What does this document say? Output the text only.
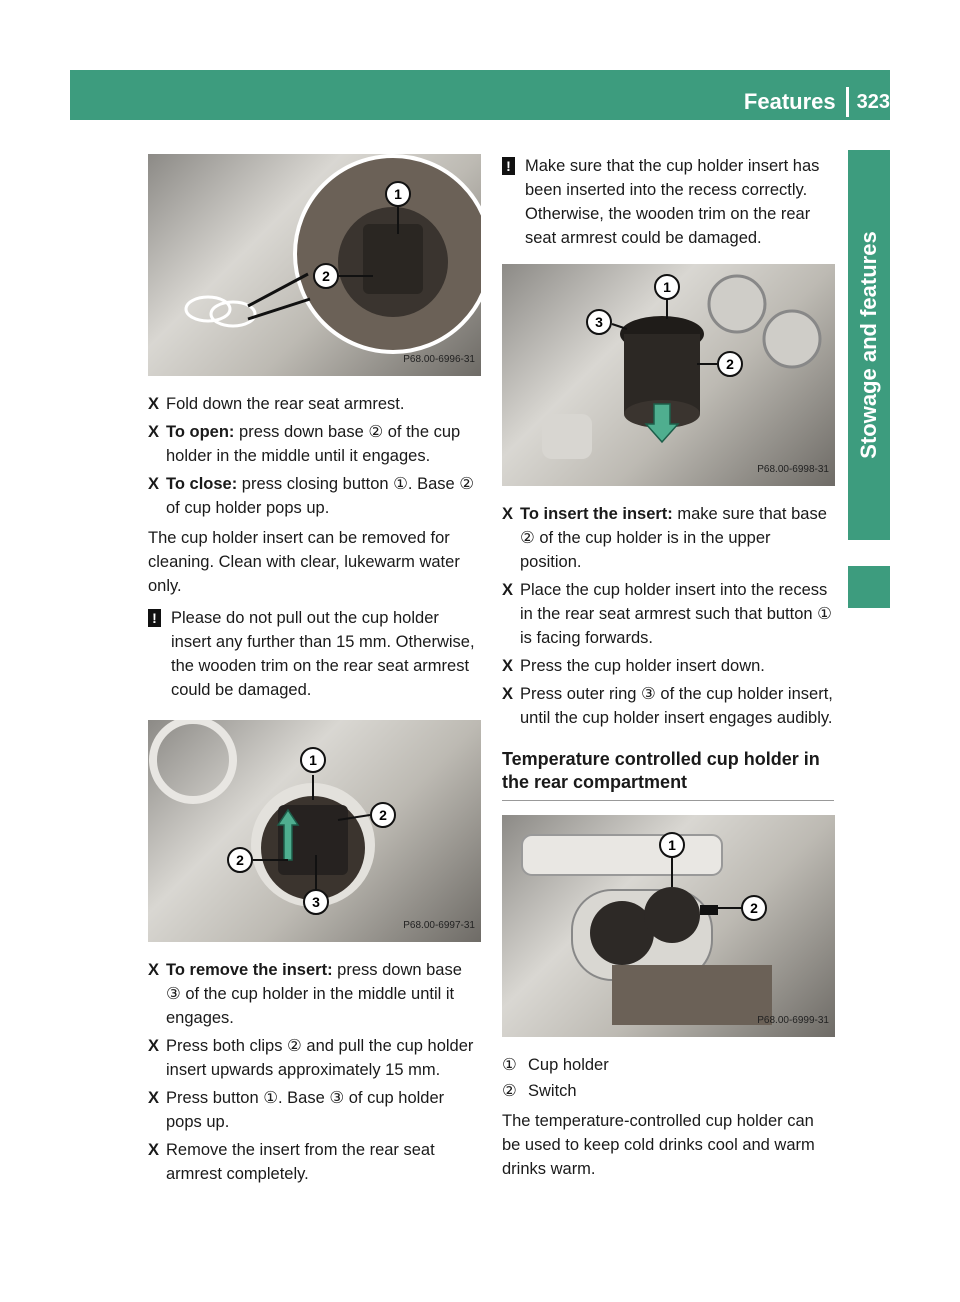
Features 323
Stowage and features
1
2
P68.00-6996-31
X Fold down the rear seat armrest.
X To open: press down base ② of the cup holder in the middle until it engages.
X To close: press closing button ①. Base ② of cup holder pops up.
The cup holder insert can be removed for cleaning. Clean with clear, lukewarm water only.
! Please do not pull out the cup holder insert any further than 15 mm. Otherwise, the wooden trim on the rear seat armrest could be damaged.
1
2
2
3
P68.00-6997-31
X To remove the insert: press down base ③ of the cup holder in the middle until it engages.
X Press both clips ② and pull the cup holder insert upwards approximately 15 mm.
X Press button ①. Base ③ of cup holder pops up.
X Remove the insert from the rear seat armrest completely.
! Make sure that the cup holder insert has been inserted into the recess correctly. Otherwise, the wooden trim on the rear seat armrest could be damaged.
1
3
2
P68.00-6998-31
X To insert the insert: make sure that base ② of the cup holder is in the upper position.
X Place the cup holder insert into the recess in the rear seat armrest such that button ① is facing forwards.
X Press the cup holder insert down.
X Press outer ring ③ of the cup holder insert, until the cup holder insert engages audibly.
Temperature controlled cup holder in the rear compartment
1
2
P68.00-6999-31
① Cup holder
② Switch
The temperature-controlled cup holder can be used to keep cold drinks cool and warm drinks warm.
